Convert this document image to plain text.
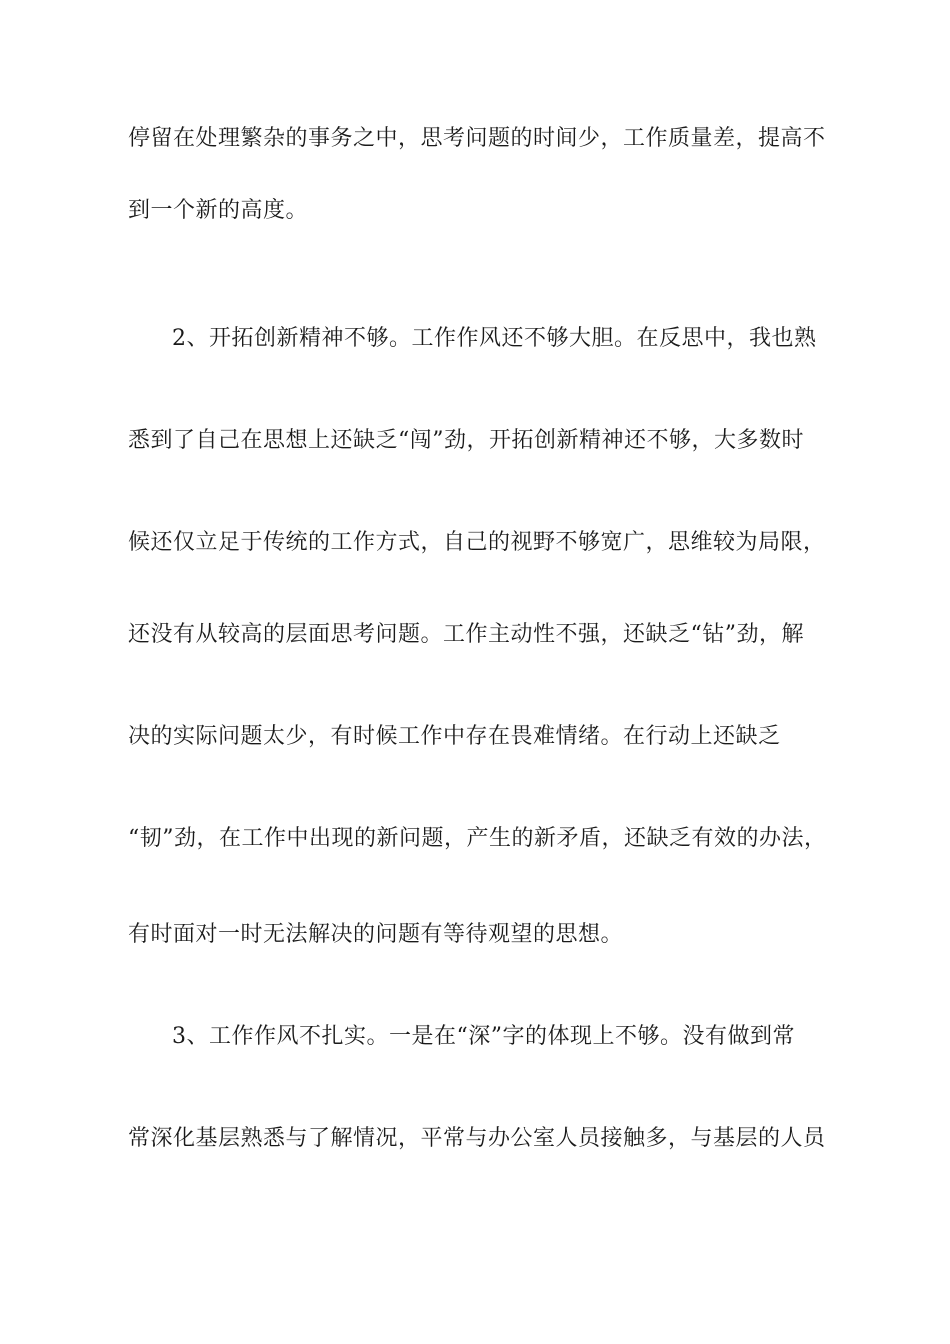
停留在处理繁杂的事务之中，思考问题的时间少，工作质量差，提高不
到一个新的高度。
2、开拓创新精神不够。工作作风还不够大胆。在反思中，我也熟
悉到了自己在思想上还缺乏“闯”劲，开拓创新精神还不够，大多数时
候还仅立足于传统的工作方式，自己的视野不够宽广，思维较为局限，
还没有从较高的层面思考问题。工作主动性不强，还缺乏“钻”劲，解
决的实际问题太少，有时候工作中存在畏难情绪。在行动上还缺乏
“韧”劲，在工作中出现的新问题，产生的新矛盾，还缺乏有效的办法，
有时面对一时无法解决的问题有等待观望的思想。
3、工作作风不扎实。一是在“深”字的体现上不够。没有做到常
常深化基层熟悉与了解情况，平常与办公室人员接触多，与基层的人员
